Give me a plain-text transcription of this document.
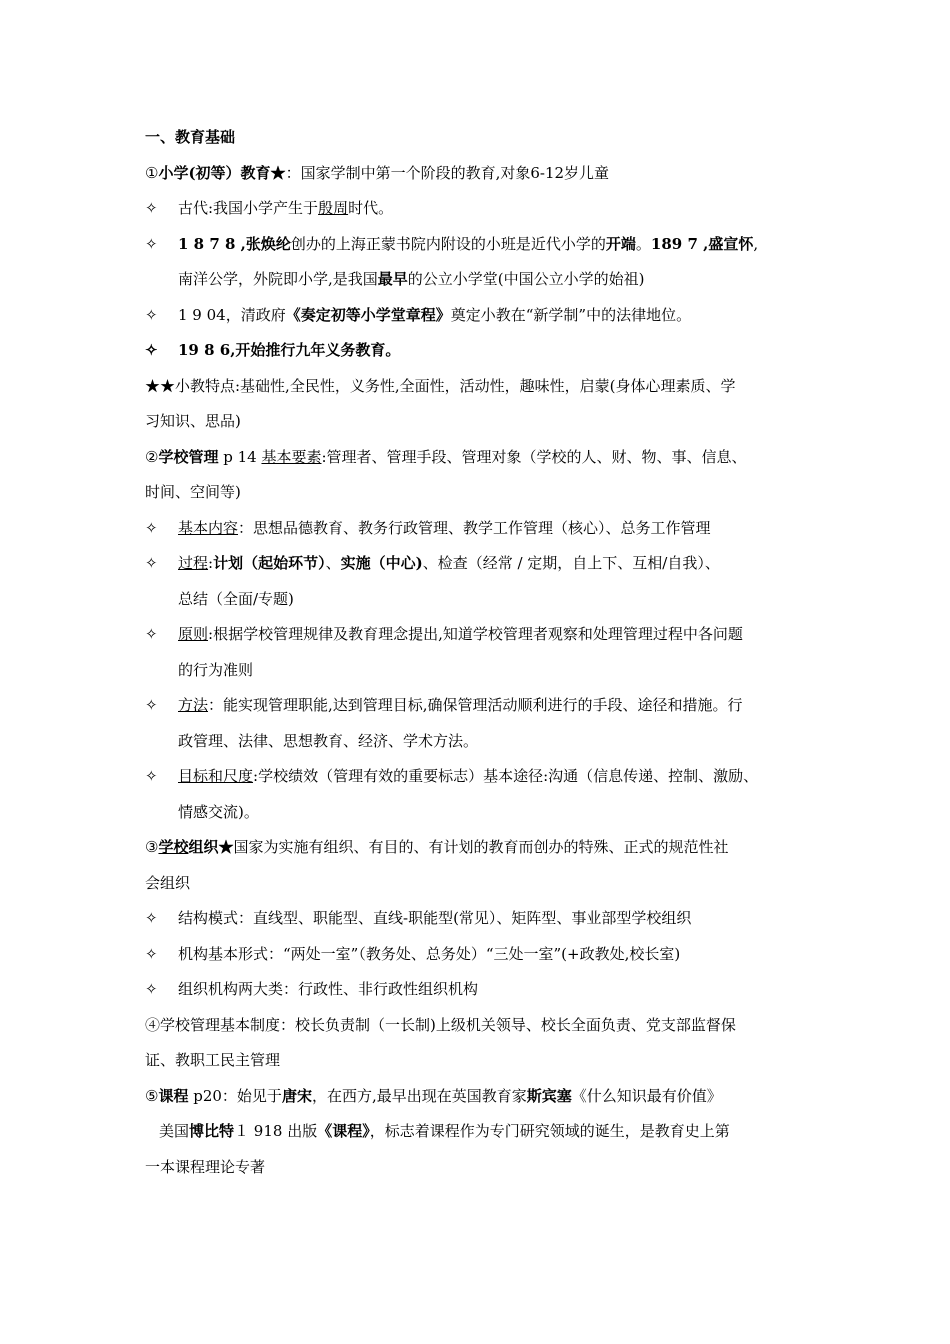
一、教育基础

①小学(初等）教育★：国家学制中第一个阶段的教育,对象6-12岁儿童

✧	古代:我国小学产生于殷周时代。

✧	1 8 7 8 ,张焕纶创办的上海正蒙书院内附设的小班是近代小学的开端。189 7 ,盛宣怀,

南洋公学，外院即小学,是我国最早的公立小学堂(中国公立小学的始祖)

✧	1 9 04，清政府《奏定初等小学堂章程》奠定小教在“新学制”中的法律地位。

✧	19 8 6,开始推行九年义务教育。

★★小教特点:基础性,全民性，义务性,全面性，活动性，趣味性，启蒙(身体心理素质、学

习知识、思品)

②学校管理 p 14 基本要素:管理者、管理手段、管理对象（学校的人、财、物、事、信息、

时间、空间等)

✧	基本内容：思想品德教育、教务行政管理、教学工作管理（核心）、总务工作管理

✧	过程:计划（起始环节）、实施（中心)、检查（经常 / 定期，自上下、互相/自我）、

总结（全面/专题)

✧	原则:根据学校管理规律及教育理念提出,知道学校管理者观察和处理管理过程中各问题

的行为准则

✧	方法：能实现管理职能,达到管理目标,确保管理活动顺利进行的手段、途径和措施。行

政管理、法律、思想教育、经济、学术方法。

✧	目标和尺度:学校绩效（管理有效的重要标志）基本途径:沟通（信息传递、控制、激励、

情感交流)。

③学校组织★国家为实施有组织、有目的、有计划的教育而创办的特殊、正式的规范性社

会组织

✧	结构模式：直线型、职能型、直线-职能型(常见）、矩阵型、事业部型学校组织

✧	机构基本形式：“两处一室”（教务处、总务处）“三处一室”(+政教处,校长室)

✧	组织机构两大类：行政性、非行政性组织机构

④学校管理基本制度：校长负责制（一长制)上级机关领导、校长全面负责、党支部监督保

证、教职工民主管理

⑤课程 p20：始见于唐宋，在西方,最早出现在英国教育家斯宾塞《什么知识最有价值》

美国博比特１ 918 出版《课程》，标志着课程作为专门研究领域的诞生，是教育史上第

一本课程理论专著
